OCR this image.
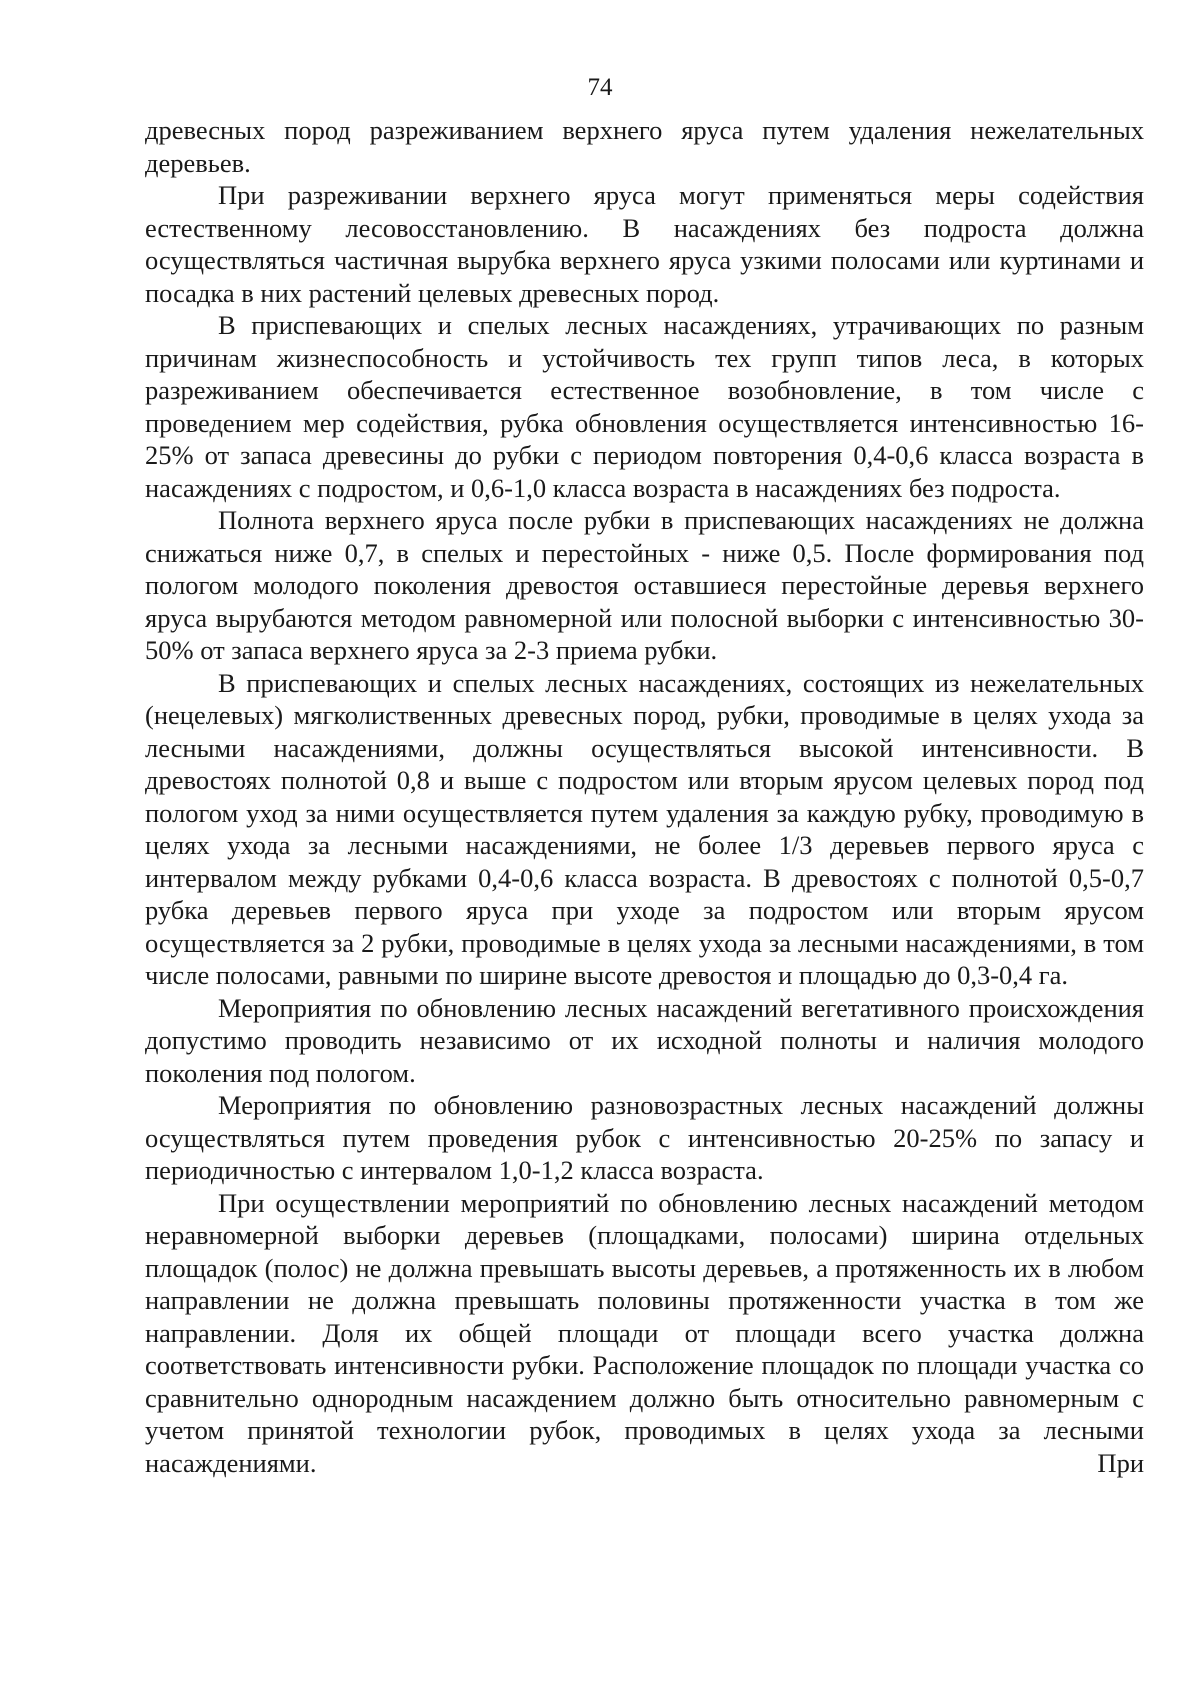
74

древесных пород разреживанием верхнего яруса путем удаления нежелательных деревьев.

При разреживании верхнего яруса могут применяться меры содействия естественному лесовосстановлению. В насаждениях без подроста должна осуществляться частичная вырубка верхнего яруса узкими полосами или куртинами и посадка в них растений целевых древесных пород.

В приспевающих и спелых лесных насаждениях, утрачивающих по разным причинам жизнеспособность и устойчивость тех групп типов леса, в которых разреживанием обеспечивается естественное возобновление, в том числе с проведением мер содействия, рубка обновления осуществляется интенсивностью 16-25% от запаса древесины до рубки с периодом повторения 0,4-0,6 класса возраста в насаждениях с подростом, и 0,6-1,0 класса возраста в насаждениях без подроста.

Полнота верхнего яруса после рубки в приспевающих насаждениях не должна снижаться ниже 0,7, в спелых и перестойных - ниже 0,5. После формирования под пологом молодого поколения древостоя оставшиеся перестойные деревья верхнего яруса вырубаются методом равномерной или полосной выборки с интенсивностью 30-50% от запаса верхнего яруса за 2-3 приема рубки.

В приспевающих и спелых лесных насаждениях, состоящих из нежелательных (нецелевых) мягколиственных древесных пород, рубки, проводимые в целях ухода за лесными насаждениями, должны осуществляться высокой интенсивности. В древостоях полнотой 0,8 и выше с подростом или вторым ярусом целевых пород под пологом уход за ними осуществляется путем удаления за каждую рубку, проводимую в целях ухода за лесными насаждениями, не более 1/3 деревьев первого яруса с интервалом между рубками 0,4-0,6 класса возраста. В древостоях с полнотой 0,5-0,7 рубка деревьев первого яруса при уходе за подростом или вторым ярусом осуществляется за 2 рубки, проводимые в целях ухода за лесными насаждениями, в том числе полосами, равными по ширине высоте древостоя и площадью до 0,3-0,4 га.

Мероприятия по обновлению лесных насаждений вегетативного происхождения допустимо проводить независимо от их исходной полноты и наличия молодого поколения под пологом.

Мероприятия по обновлению разновозрастных лесных насаждений должны осуществляться путем проведения рубок с интенсивностью 20-25% по запасу и периодичностью с интервалом 1,0-1,2 класса возраста.

При осуществлении мероприятий по обновлению лесных насаждений методом неравномерной выборки деревьев (площадками, полосами) ширина отдельных площадок (полос) не должна превышать высоты деревьев, а протяженность их в любом направлении не должна превышать половины протяженности участка в том же направлении. Доля их общей площади от площади всего участка должна соответствовать интенсивности рубки. Расположение площадок по площади участка со сравнительно однородным насаждением должно быть относительно равномерным с учетом принятой технологии рубок, проводимых в целях ухода за лесными насаждениями. При
